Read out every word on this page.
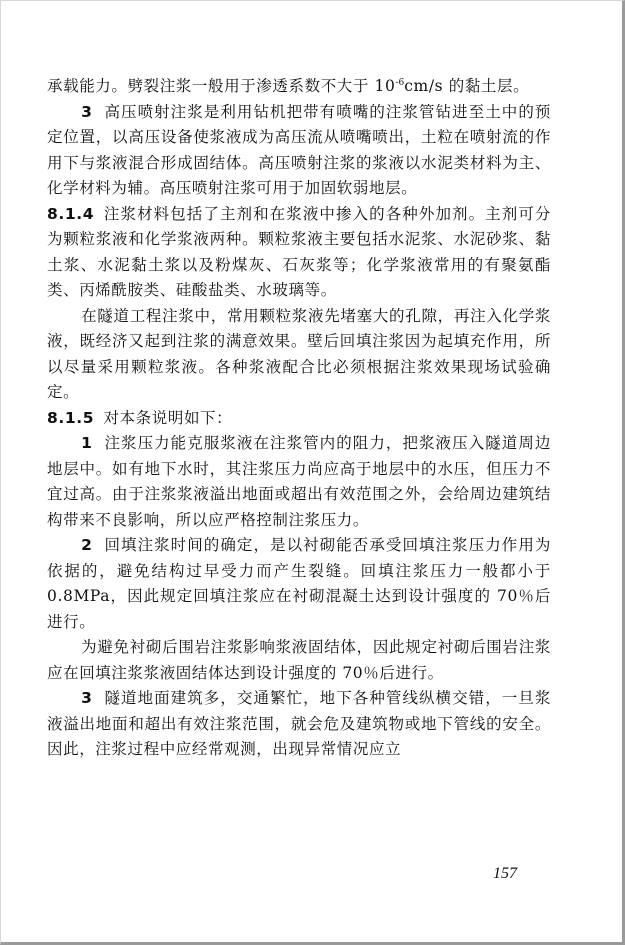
承载能力。劈裂注浆一般用于渗透系数不大于 $10^{-6}cm/s$ 的黏土层。

3 高压喷射注浆是利用钻机把带有喷嘴的注浆管钻进至土中的预定位置，以高压设备使浆液成为高压流从喷嘴喷出，土粒在喷射流的作用下与浆液混合形成固结体。高压喷射注浆的浆液以水泥类材料为主、化学材料为辅。高压喷射注浆可用于加固软弱地层。

8.1.4 注浆材料包括了主剂和在浆液中掺入的各种外加剂。主剂可分为颗粒浆液和化学浆液两种。颗粒浆液主要包括水泥浆、水泥砂浆、黏土浆、水泥黏土浆以及粉煤灰、石灰浆等；化学浆液常用的有聚氨酯类、丙烯酰胺类、硅酸盐类、水玻璃等。

在隧道工程注浆中，常用颗粒浆液先堵塞大的孔隙，再注入化学浆液，既经济又起到注浆的满意效果。壁后回填注浆因为起填充作用，所以尽量采用颗粒浆液。各种浆液配合比必须根据注浆效果现场试验确定。

8.1.5 对本条说明如下：

1 注浆压力能克服浆液在注浆管内的阻力，把浆液压入隧道周边地层中。如有地下水时，其注浆压力尚应高于地层中的水压，但压力不宜过高。由于注浆浆液溢出地面或超出有效范围之外，会给周边建筑结构带来不良影响，所以应严格控制注浆压力。

2 回填注浆时间的确定，是以衬砌能否承受回填注浆压力作用为依据的，避免结构过早受力而产生裂缝。回填注浆压力一般都小于 0.8MPa，因此规定回填注浆应在衬砌混凝土达到设计强度的 70％后进行。

为避免衬砌后围岩注浆影响浆液固结体，因此规定衬砌后围岩注浆应在回填注浆浆液固结体达到设计强度的 70％后进行。

3 隧道地面建筑多，交通繁忙，地下各种管线纵横交错，一旦浆液溢出地面和超出有效注浆范围，就会危及建筑物或地下管线的安全。因此，注浆过程中应经常观测，出现异常情况应立

157
